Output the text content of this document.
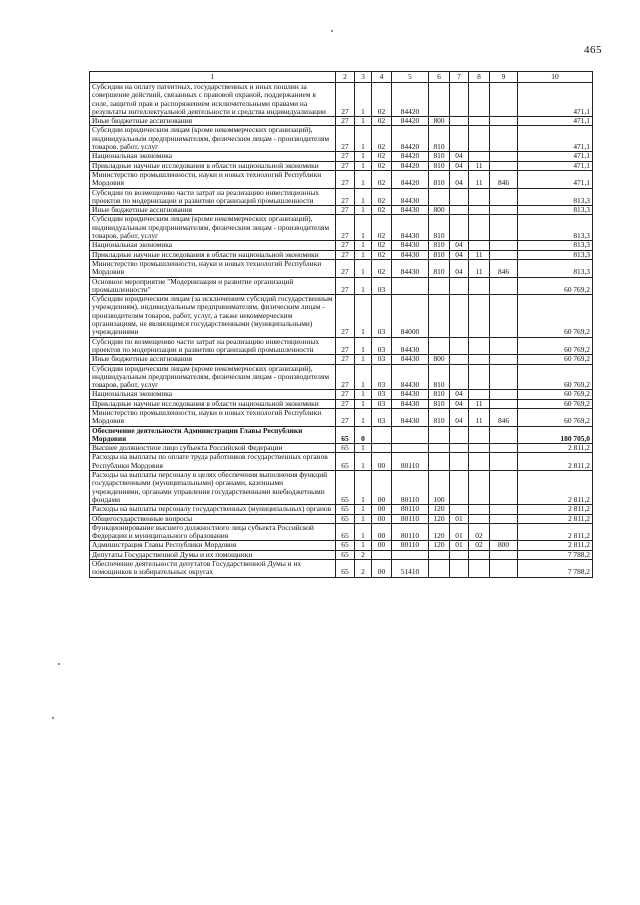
465
1	2	3	4	5	6	7	8	9	10
Субсидии на оплату патентных, государственных и иных пошлин за совершение действий, связанных с правовой охраной, поддержанием в силе, защитой прав и распоряжением исключительными правами на результаты интеллектуальной деятельности и средства индивидуализации	27	1	02	84420					471,1
Иные бюджетные ассигнования	27	1	02	84420	800				471,1
Субсидии юридическим лицам (кроме некоммерческих организаций), индивидуальным предпринимателям, физическим лицам - производителям товаров, работ, услуг	27	1	02	84420	810				471,1
Национальная экономика	27	1	02	84420	810	04			471,1
Прикладные научные исследования в области национальной экономики	27	1	02	84420	810	04	11		471,1
Министерство промышленности, науки и новых технологий Республики Мордовия	27	1	02	84420	810	04	11	846	471,1
Субсидии по возмещению части затрат на реализацию инвестиционных проектов по модернизации и развитию организаций промышленности	27	1	02	84430					813,3
Иные бюджетные ассигнования	27	1	02	84430	800				813,3
Субсидии юридическим лицам (кроме некоммерческих организаций), индивидуальным предпринимателям, физическим лицам - производителям товаров, работ, услуг	27	1	02	84430	810				813,3
Национальная экономика	27	1	02	84430	810	04			813,3
Прикладные научные исследования в области национальной экономики	27	1	02	84430	810	04	11		813,3
Министерство промышленности, науки и новых технологий Республики Мордовия	27	1	02	84430	810	04	11	846	813,3
Основное мероприятие "Модернизация и развитие организаций промышленности"	27	1	03						60 769,2
Субсидии юридическим лицам (за исключением субсидий государственным учреждениям), индивидуальным предпринимателям, физическим лицам - производителям товаров, работ, услуг, а также некоммерческим организациям, не являющимся государственными (муниципальными) учреждениями	27	1	03	84000					60 769,2
Субсидии по возмещению части затрат на реализацию инвестиционных проектов по модернизации и развитию организаций промышленности	27	1	03	84430					60 769,2
Иные бюджетные ассигнования	27	1	03	84430	800				60 769,2
Субсидии юридическим лицам (кроме некоммерческих организаций), индивидуальным предпринимателям, физическим лицам - производителям товаров, работ, услуг	27	1	03	84430	810				60 769,2
Национальная экономика	27	1	03	84430	810	04			60 769,2
Прикладные научные исследования в области национальной экономики	27	1	03	84430	810	04	11		60 769,2
Министерство промышленности, науки и новых технологий Республики Мордовия	27	1	03	84430	810	04	11	846	60 769,2
Обеспечение деятельности Администрации Главы Республики Мордовия	65	0							180 705,0
Высшее должностное лицо субъекта Российской Федерации	65	1							2 811,2
Расходы на выплаты по оплате труда работников государственных органов Республики Мордовия	65	1	00	80110					2 811,2
Расходы на выплаты персоналу в целях обеспечения выполнения функций государственными (муниципальными) органами, казенными учреждениями, органами управления государственными внебюджетными фондами	65	1	00	80110	100				2 811,2
Расходы на выплаты персоналу государственных (муниципальных) органов	65	1	00	80110	120				2 811,2
Общегосударственные вопросы	65	1	00	80110	120	01			2 811,2
Функционирование высшего должностного лица субъекта Российской Федерации и муниципального образования	65	1	00	80110	120	01	02		2 811,2
Администрация Главы Республики Мордовия	65	1	00	80110	120	01	02	800	2 811,2
Депутаты Государственной Думы и их помощники	65	2							7 788,2
Обеспечение деятельности депутатов Государственной Думы и их помощников в избирательных округах	65	2	00	51410					7 788,2
